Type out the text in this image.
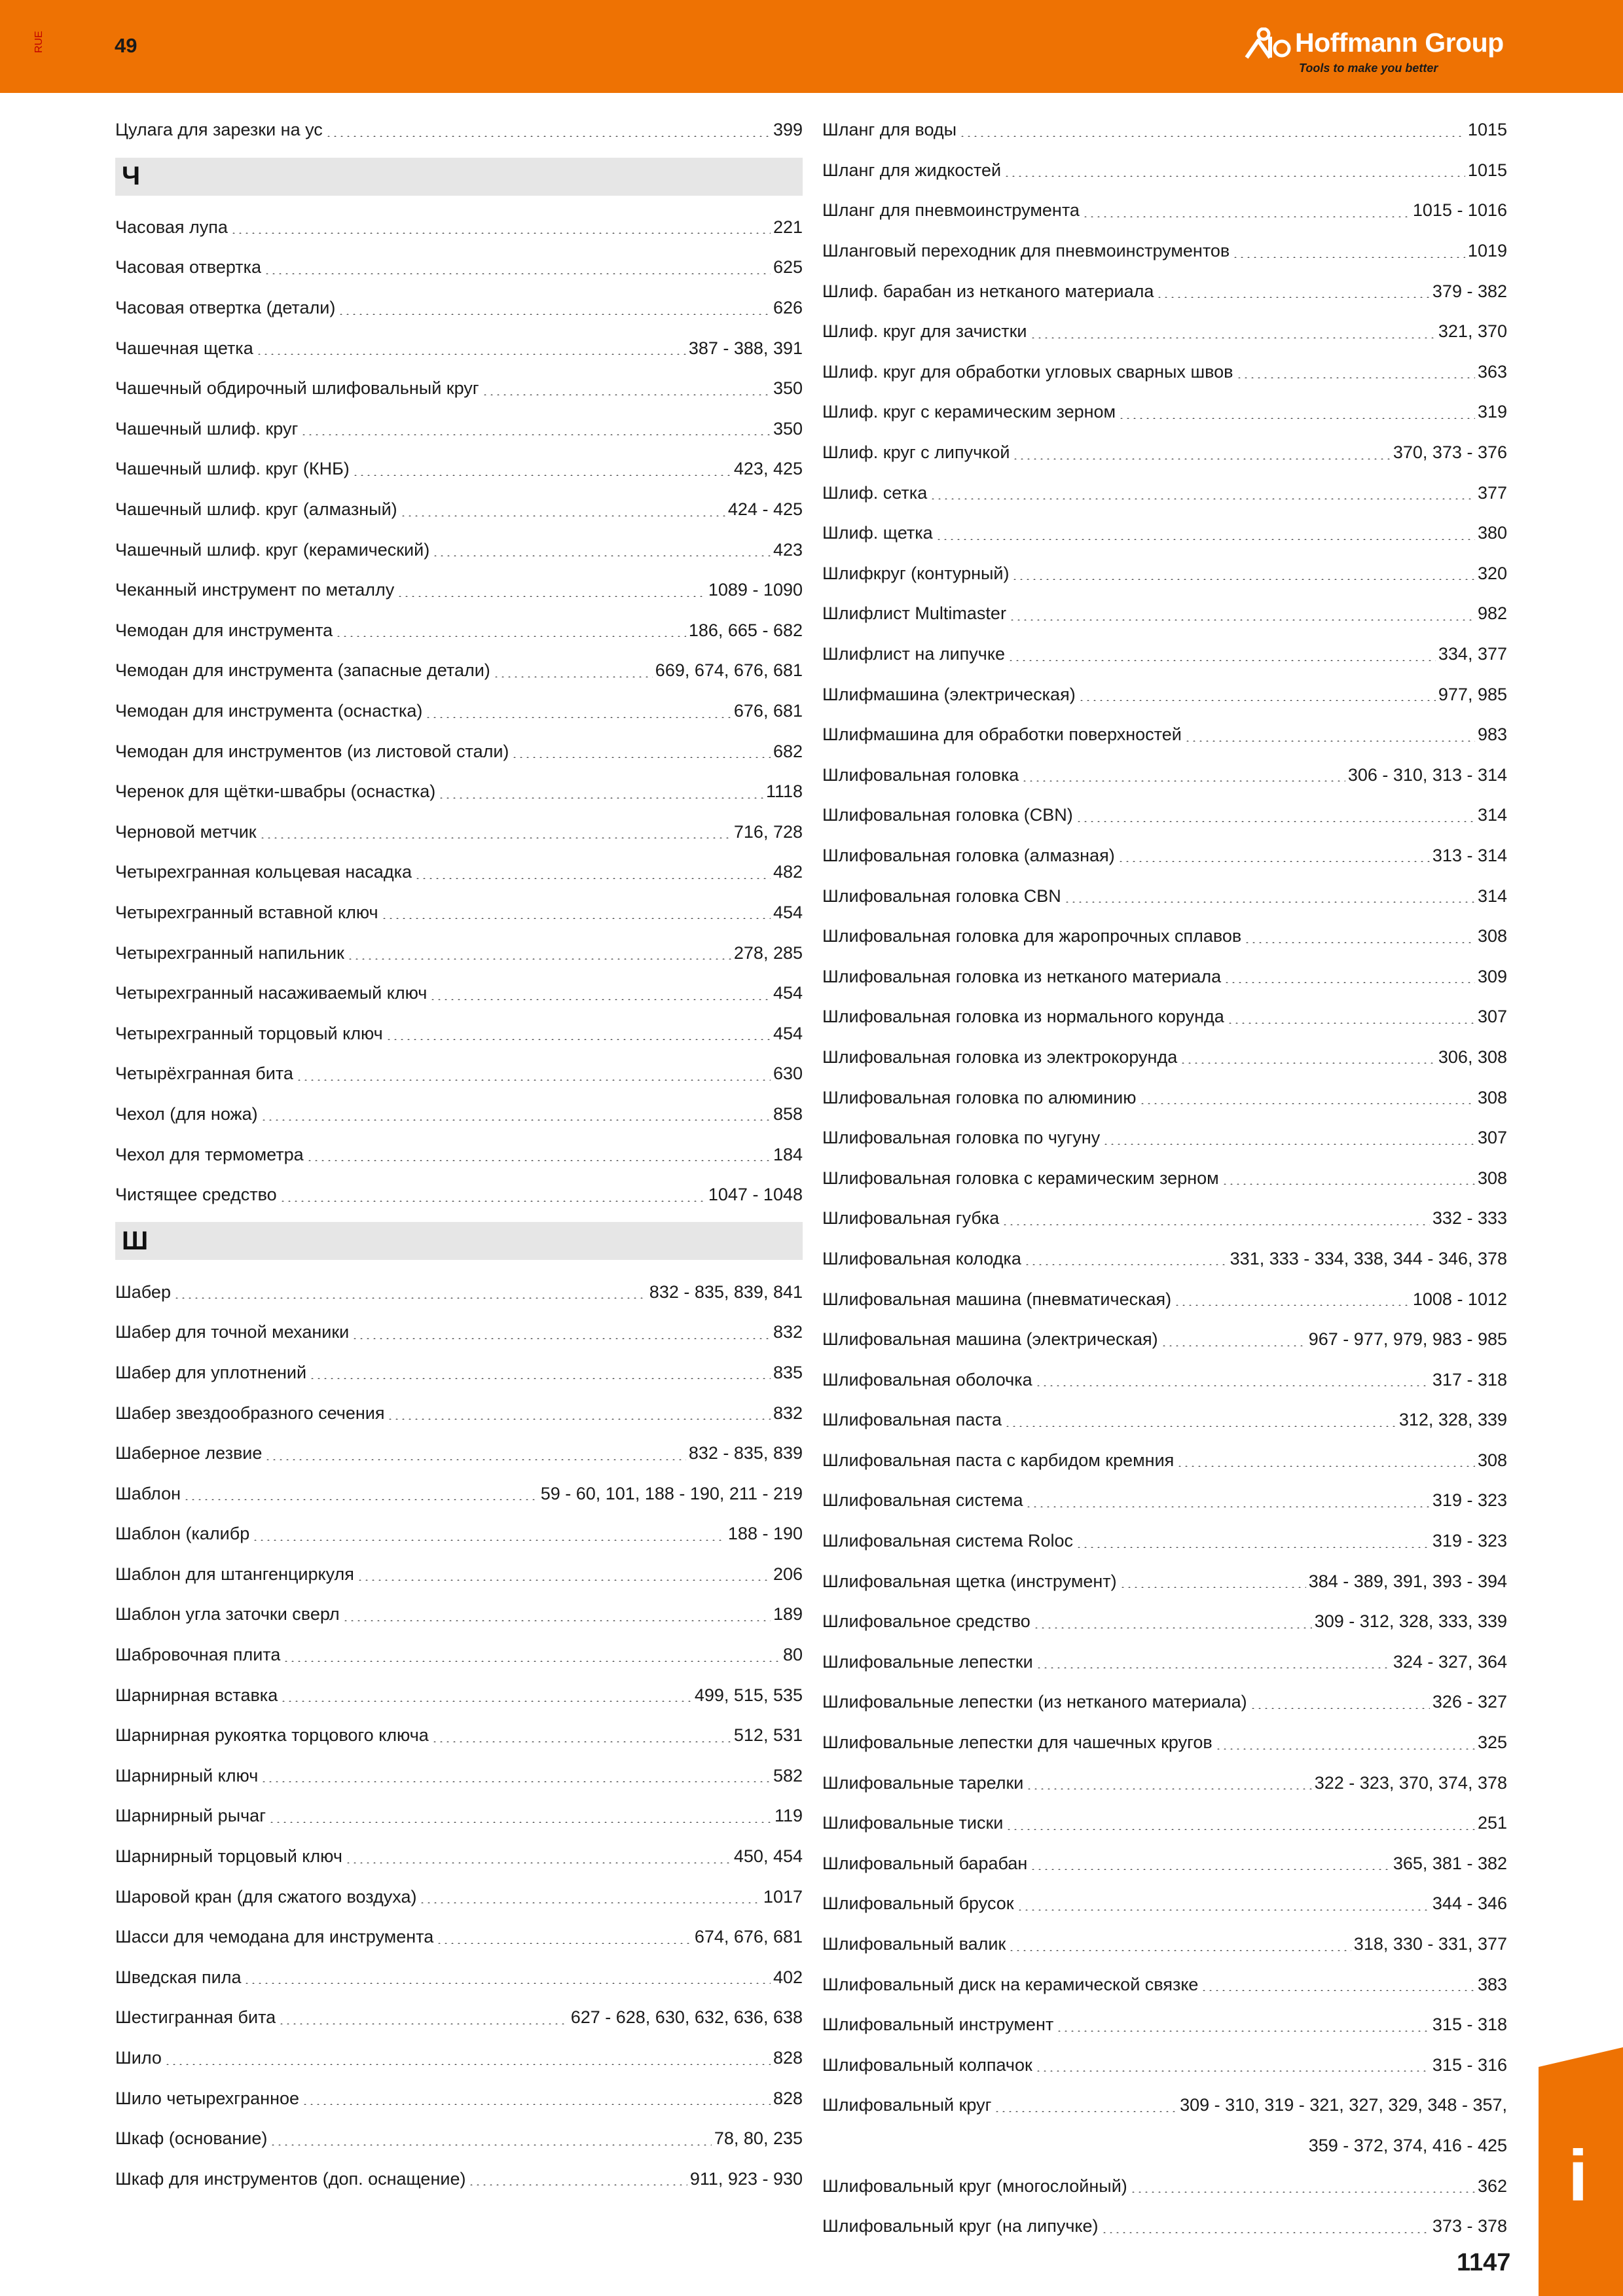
RUE	49	Hoffmann Group
Tools to make you better
Цулага для зарезки на ус	399
Ч
Часовая лупа	221
Часовая отвертка	625
Часовая отвертка (детали)	626
Чашечная щетка	387 - 388, 391
Чашечный обдирочный шлифовальный круг	350
Чашечный шлиф. круг	350
Чашечный шлиф. круг (КНБ)	423, 425
Чашечный шлиф. круг (алмазный)	424 - 425
Чашечный шлиф. круг (керамический)	423
Чеканный инструмент по металлу	1089 - 1090
Чемодан для инструмента	186, 665 - 682
Чемодан для инструмента (запасные детали)	669, 674, 676, 681
Чемодан для инструмента (оснастка)	676, 681
Чемодан для инструментов (из листовой стали)	682
Черенок для щётки-швабры (оснастка)	1118
Черновой метчик	716, 728
Четырехгранная кольцевая насадка	482
Четырехгранный вставной ключ	454
Четырехгранный напильник	278, 285
Четырехгранный насаживаемый ключ	454
Четырехгранный торцовый ключ	454
Четырёхгранная бита	630
Чехол (для ножа)	858
Чехол для термометра	184
Чистящее средство	1047 - 1048
Ш
Шабер	832 - 835, 839, 841
Шабер для точной механики	832
Шабер для уплотнений	835
Шабер звездообразного сечения	832
Шаберное лезвие	832 - 835, 839
Шаблон	59 - 60, 101, 188 - 190, 211 - 219
Шаблон (калибр	188 - 190
Шаблон для штангенциркуля	206
Шаблон угла заточки сверл	189
Шабровочная плита	80
Шарнирная вставка	499, 515, 535
Шарнирная рукоятка торцового ключа	512, 531
Шарнирный ключ	582
Шарнирный рычаг	119
Шарнирный торцовый ключ	450, 454
Шаровой кран (для сжатого воздуха)	1017
Шасси для чемодана для инструмента	674, 676, 681
Шведская пила	402
Шестигранная бита	627 - 628, 630, 632, 636, 638
Шило	828
Шило четырехгранное	828
Шкаф (основание)	78, 80, 235
Шкаф для инструментов (доп. оснащение)	911, 923 - 930
Шланг для воды	1015
Шланг для жидкостей	1015
Шланг для пневмоинструмента	1015 - 1016
Шланговый переходник для пневмоинструментов	1019
Шлиф. барабан из нетканого материала	379 - 382
Шлиф. круг для зачистки	321, 370
Шлиф. круг для обработки угловых сварных швов	363
Шлиф. круг с керамическим зерном	319
Шлиф. круг с липучкой	370, 373 - 376
Шлиф. сетка	377
Шлиф. щетка	380
Шлифкруг (контурный)	320
Шлифлист Multimaster	982
Шлифлист на липучке	334, 377
Шлифмашина (электрическая)	977, 985
Шлифмашина для обработки поверхностей	983
Шлифовальная головка	306 - 310, 313 - 314
Шлифовальная головка (CBN)	314
Шлифовальная головка (алмазная)	313 - 314
Шлифовальная головка CBN	314
Шлифовальная головка для жаропрочных сплавов	308
Шлифовальная головка из нетканого материала	309
Шлифовальная головка из нормального корунда	307
Шлифовальная головка из электрокорунда	306, 308
Шлифовальная головка по алюминию	308
Шлифовальная головка по чугуну	307
Шлифовальная головка с керамическим зерном	308
Шлифовальная губка	332 - 333
Шлифовальная колодка	331, 333 - 334, 338, 344 - 346, 378
Шлифовальная машина (пневматическая)	1008 - 1012
Шлифовальная машина (электрическая)	967 - 977, 979, 983 - 985
Шлифовальная оболочка	317 - 318
Шлифовальная паста	312, 328, 339
Шлифовальная паста с карбидом кремния	308
Шлифовальная система	319 - 323
Шлифовальная система Roloc	319 - 323
Шлифовальная щетка (инструмент)	384 - 389, 391, 393 - 394
Шлифовальное средство	309 - 312, 328, 333, 339
Шлифовальные лепестки	324 - 327, 364
Шлифовальные лепестки (из нетканого материала)	326 - 327
Шлифовальные лепестки для чашечных кругов	325
Шлифовальные тарелки	322 - 323, 370, 374, 378
Шлифовальные тиски	251
Шлифовальный барабан	365, 381 - 382
Шлифовальный брусок	344 - 346
Шлифовальный валик	318, 330 - 331, 377
Шлифовальный диск на керамической связке	383
Шлифовальный инструмент	315 - 318
Шлифовальный колпачок	315 - 316
Шлифовальный круг	309 - 310, 319 - 321, 327, 329, 348 - 357,
359 - 372, 374, 416 - 425
Шлифовальный круг (многослойный)	362
Шлифовальный круг (на липучке)	373 - 378
i
1147
